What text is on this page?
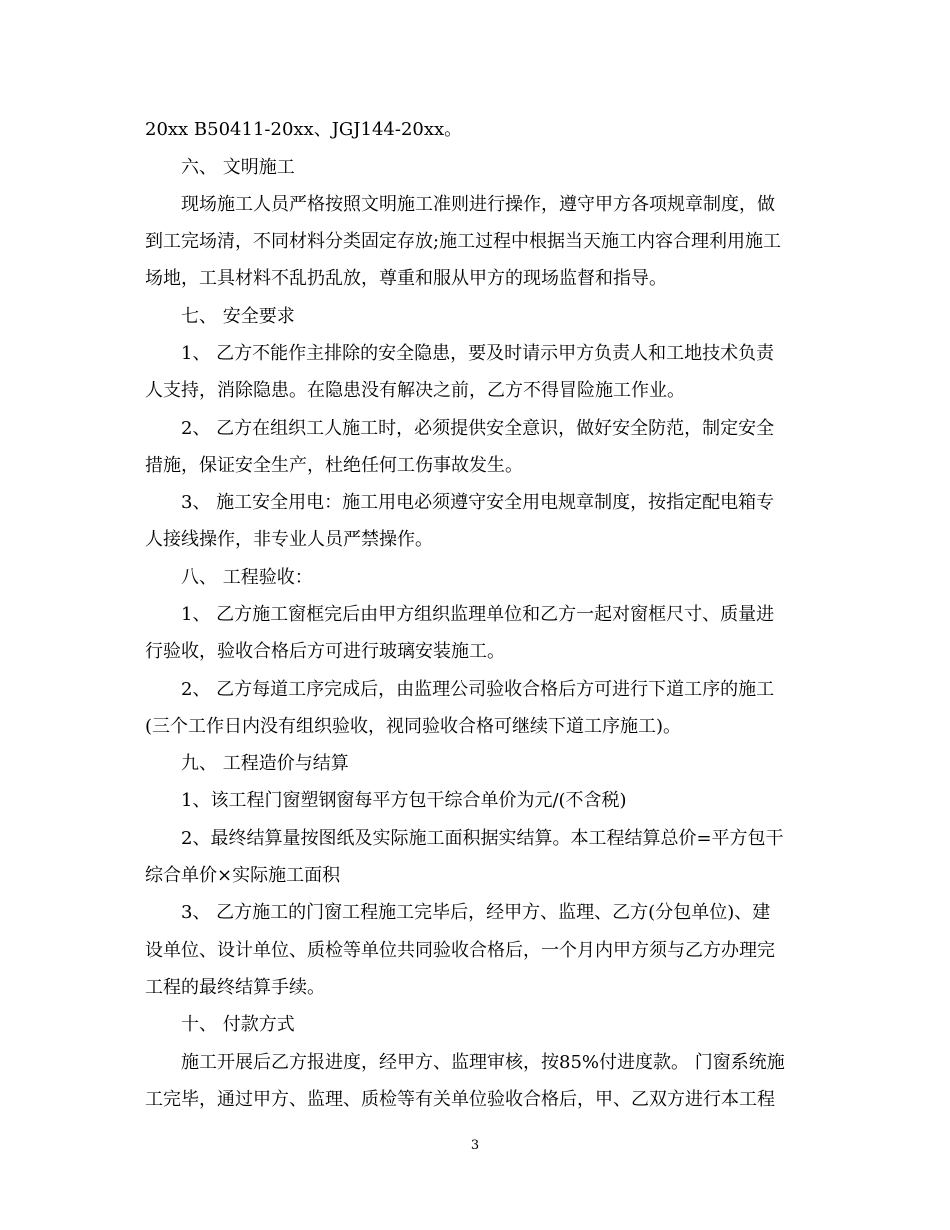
20xx B50411-20xx、JGJ144-20xx。
六、 文明施工
现场施工人员严格按照文明施工准则进行操作，遵守甲方各项规章制度，做
到工完场清，不同材料分类固定存放;施工过程中根据当天施工内容合理利用施工
场地，工具材料不乱扔乱放，尊重和服从甲方的现场监督和指导。
七、 安全要求
1、 乙方不能作主排除的安全隐患，要及时请示甲方负责人和工地技术负责
人支持，消除隐患。在隐患没有解决之前，乙方不得冒险施工作业。
2、 乙方在组织工人施工时，必须提供安全意识，做好安全防范，制定安全
措施，保证安全生产，杜绝任何工伤事故发生。
3、 施工安全用电：施工用电必须遵守安全用电规章制度，按指定配电箱专
人接线操作，非专业人员严禁操作。
八、 工程验收：
1、 乙方施工窗框完后由甲方组织监理单位和乙方一起对窗框尺寸、质量进
行验收，验收合格后方可进行玻璃安装施工。
2、 乙方每道工序完成后，由监理公司验收合格后方可进行下道工序的施工
(三个工作日内没有组织验收，视同验收合格可继续下道工序施工)。
九、 工程造价与结算
1、该工程门窗塑钢窗每平方包干综合单价为元/(不含税)
2、最终结算量按图纸及实际施工面积据实结算。本工程结算总价=平方包干
综合单价×实际施工面积
3、 乙方施工的门窗工程施工完毕后，经甲方、监理、乙方(分包单位)、建
设单位、设计单位、质检等单位共同验收合格后，一个月内甲方须与乙方办理完
工程的最终结算手续。
十、 付款方式
施工开展后乙方报进度，经甲方、监理审核，按85%付进度款。 门窗系统施
工完毕，通过甲方、监理、质检等有关单位验收合格后，甲、乙双方进行本工程
3
